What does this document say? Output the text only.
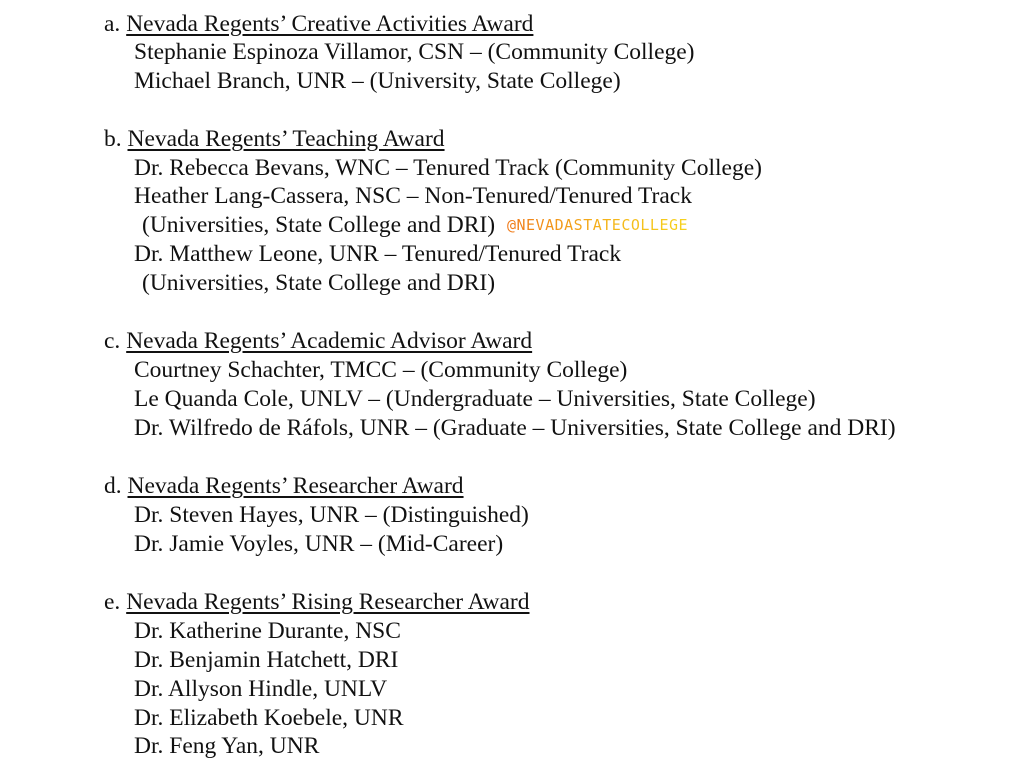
a. Nevada Regents’ Creative Activities Award
Stephanie Espinoza Villamor, CSN – (Community College)
Michael Branch, UNR – (University, State College)
b. Nevada Regents’ Teaching Award
Dr. Rebecca Bevans, WNC – Tenured Track (Community College)
Heather Lang-Cassera, NSC – Non-Tenured/Tenured Track
(Universities, State College and DRI) @NEVADASTATECOLLEGE
Dr. Matthew Leone, UNR – Tenured/Tenured Track
(Universities, State College and DRI)
c. Nevada Regents’ Academic Advisor Award
Courtney Schachter, TMCC – (Community College)
Le Quanda Cole, UNLV – (Undergraduate – Universities, State College)
Dr. Wilfredo de Ráfols, UNR – (Graduate – Universities, State College and DRI)
d. Nevada Regents’ Researcher Award
Dr. Steven Hayes, UNR – (Distinguished)
Dr. Jamie Voyles, UNR – (Mid-Career)
e. Nevada Regents’ Rising Researcher Award
Dr. Katherine Durante, NSC
Dr. Benjamin Hatchett, DRI
Dr. Allyson Hindle, UNLV
Dr. Elizabeth Koebele, UNR
Dr. Feng Yan, UNR
